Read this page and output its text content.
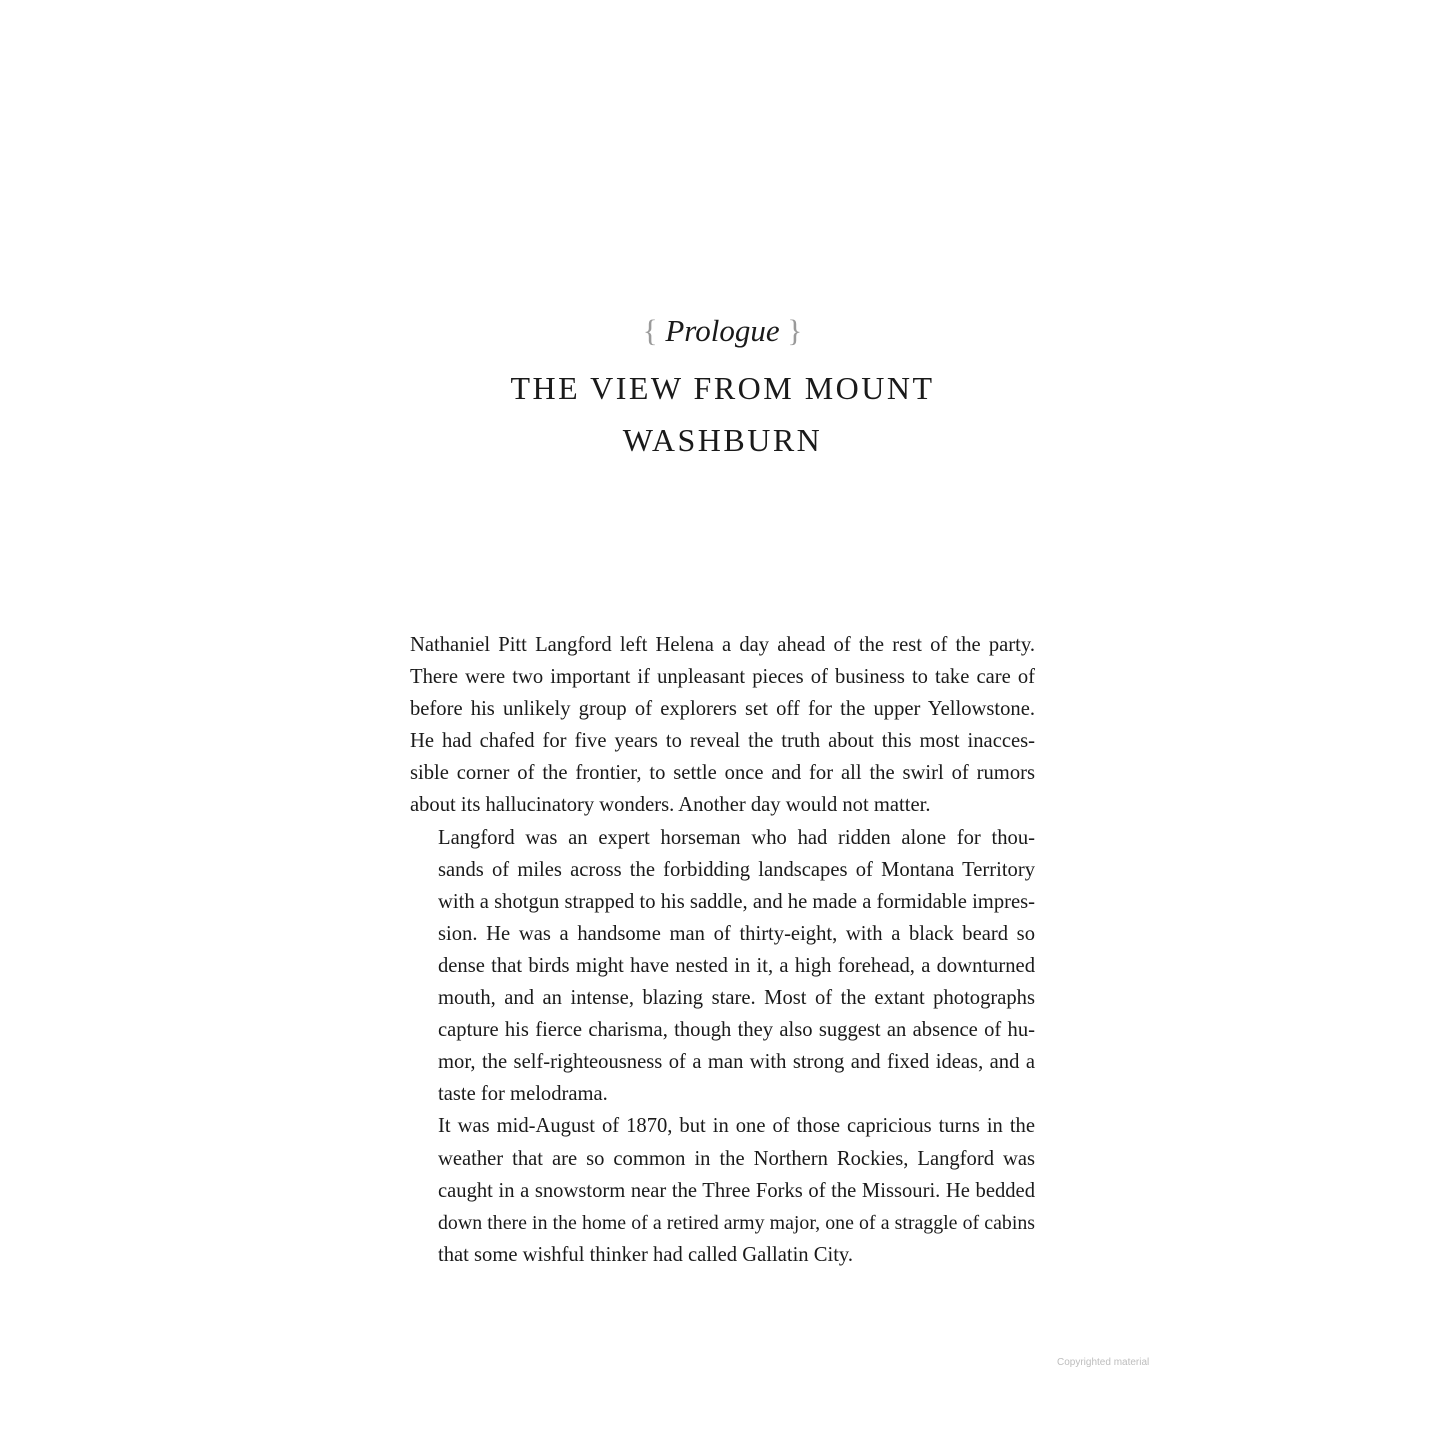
{ Prologue }
THE VIEW FROM MOUNT
WASHBURN

Nathaniel Pitt Langford left Helena a day ahead of the rest of the party.
There were two important if unpleasant pieces of business to take care of
before his unlikely group of explorers set off for the upper Yellowstone.
He had chafed for five years to reveal the truth about this most inacces-
sible corner of the frontier, to settle once and for all the swirl of rumors
about its hallucinatory wonders. Another day would not matter.

Langford was an expert horseman who had ridden alone for thou-
sands of miles across the forbidding landscapes of Montana Territory
with a shotgun strapped to his saddle, and he made a formidable impres-
sion. He was a handsome man of thirty-eight, with a black beard so
dense that birds might have nested in it, a high forehead, a downturned
mouth, and an intense, blazing stare. Most of the extant photographs
capture his fierce charisma, though they also suggest an absence of hu-
mor, the self-righteousness of a man with strong and fixed ideas, and a
taste for melodrama.

It was mid-August of 1870, but in one of those capricious turns in the
weather that are so common in the Northern Rockies, Langford was
caught in a snowstorm near the Three Forks of the Missouri. He bedded
down there in the home of a retired army major, one of a straggle of cabins
that some wishful thinker had called Gallatin City.

Copyrighted material
